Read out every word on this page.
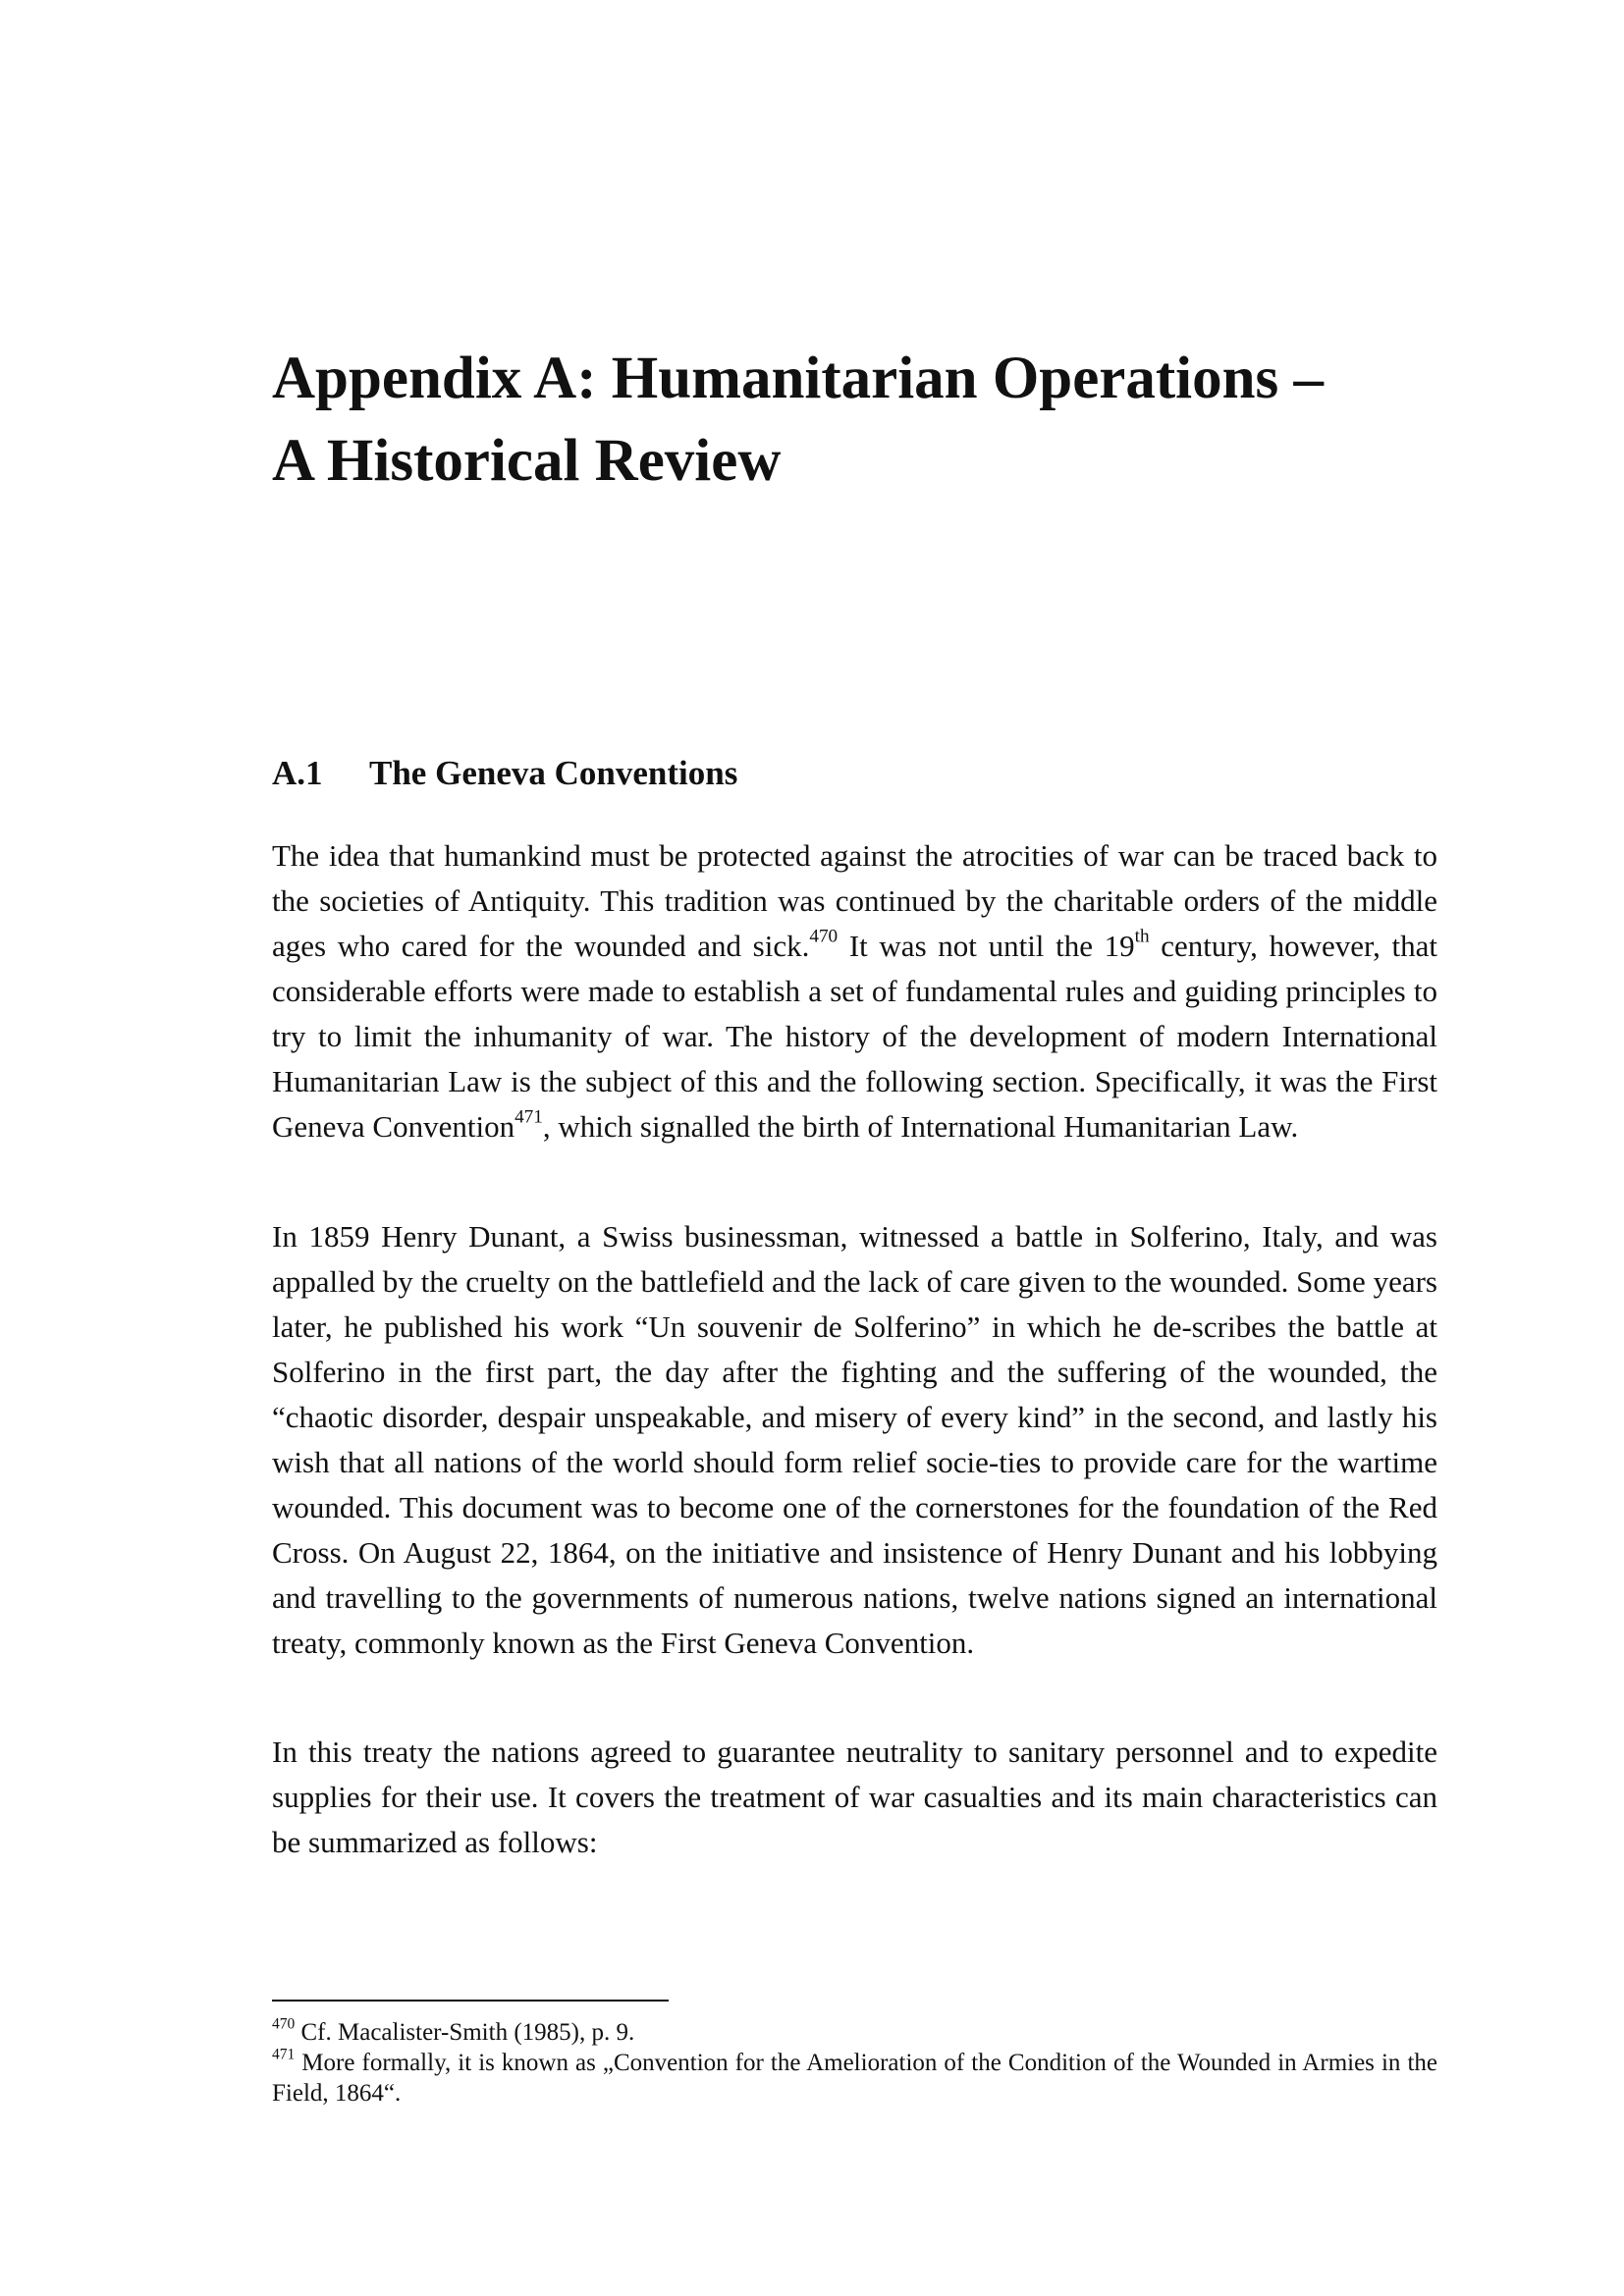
Appendix A: Humanitarian Operations –
A Historical Review
A.1 The Geneva Conventions

The idea that humankind must be protected against the atrocities of war can be traced back to the societies of Antiquity. This tradition was continued by the charitable orders of the middle ages who cared for the wounded and sick.$^{470}$ It was not until the 19th century, however, that considerable efforts were made to establish a set of fundamental rules and guiding principles to try to limit the inhumanity of war. The history of the development of modern International Humanitarian Law is the subject of this and the following section. Specifically, it was the First Geneva Convention$^{471}$, which signalled the birth of International Humanitarian Law.

In 1859 Henry Dunant, a Swiss businessman, witnessed a battle in Solferino, Italy, and was appalled by the cruelty on the battlefield and the lack of care given to the wounded. Some years later, he published his work “Un souvenir de Solferino” in which he de-scribes the battle at Solferino in the first part, the day after the fighting and the suffering of the wounded, the “chaotic disorder, despair unspeakable, and misery of every kind” in the second, and lastly his wish that all nations of the world should form relief socie-ties to provide care for the wartime wounded. This document was to become one of the cornerstones for the foundation of the Red Cross. On August 22, 1864, on the initiative and insistence of Henry Dunant and his lobbying and travelling to the governments of numerous nations, twelve nations signed an international treaty, commonly known as the First Geneva Convention.

In this treaty the nations agreed to guarantee neutrality to sanitary personnel and to expedite supplies for their use. It covers the treatment of war casualties and its main characteristics can be summarized as follows:

$^{470}$ Cf. Macalister-Smith (1985), p. 9.

$^{471}$ More formally, it is known as „Convention for the Amelioration of the Condition of the Wounded in Armies in the Field, 1864“.
